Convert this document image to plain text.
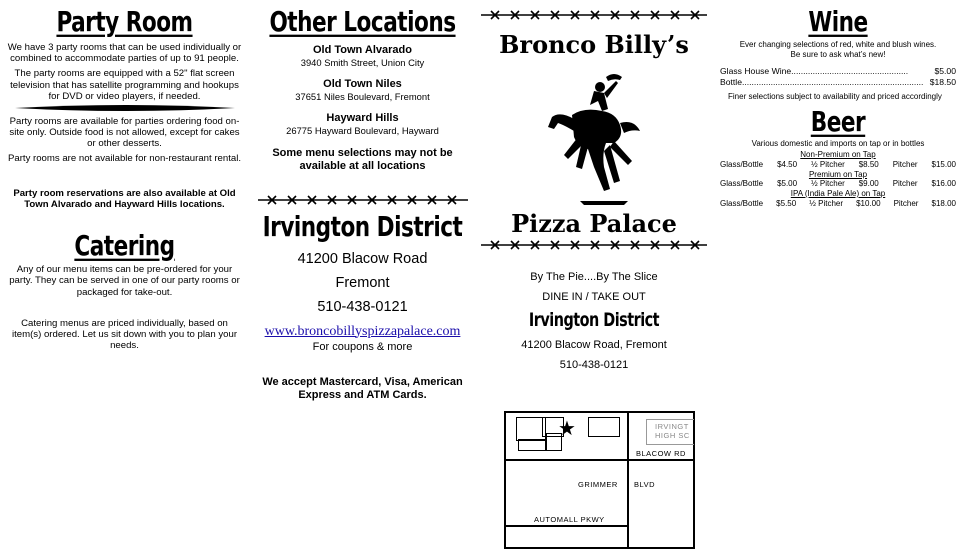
Party Room

We have 3 party rooms that can be used individually or combined to accommodate parties of up to 91 people.

The party rooms are equipped with a 52" flat screen television that has satellite programming and hookups for DVD or video players, if needed.

Party rooms are available for parties ordering food on-site only. Outside food is not allowed, except for cakes or other desserts.

Party rooms are not available for non-restaurant rental.

Party room reservations are also available at Old Town Alvarado and Hayward Hills locations.

Catering

Any of our menu items can be pre-ordered for your party. They can be served in one of our party rooms or packaged for take-out.

Catering menus are priced individually, based on item(s) ordered. Let us sit down with you to plan your needs.

Other Locations

Old Town Alvarado

3940 Smith Street, Union City

Old Town Niles

37651 Niles Boulevard, Fremont

Hayward Hills

26775 Hayward Boulevard, Hayward

Some menu selections may not be available at all locations

Irvington District

41200 Blacow Road

Fremont

510-438-0121

www.broncobillyspizzapalace.com

For coupons & more

We accept Mastercard, Visa, American Express and ATM Cards.

Bronco Billy’s
Pizza Palace

By The Pie....By The Slice

DINE IN / TAKE OUT

Irvington District

41200 Blacow Road, Fremont

510-438-0121

★	IRVINGT
HIGH SC
BLACOW RD
GRIMMER BLVD
AUTOMALL PKWY
Wine

Ever changing selections of red, white and blush wines.

Be sure to ask what’s new!

Glass House Wine.................................................	$5.00
Bottle............................................................................ $18.50

Finer selections subject to availability and priced accordingly

Beer

Various domestic and imports on tap or in bottles

Non-Premium on Tap
Glass/Bottle $4.50 ½ Pitcher $8.50 Pitcher $15.00
Premium on Tap
Glass/Bottle $5.00 ½ Pitcher $9.00 Pitcher $16.00
IPA (India Pale Ale) on Tap
Glass/Bottle $5.50 ½ Pitcher $10.00 Pitcher $18.00
